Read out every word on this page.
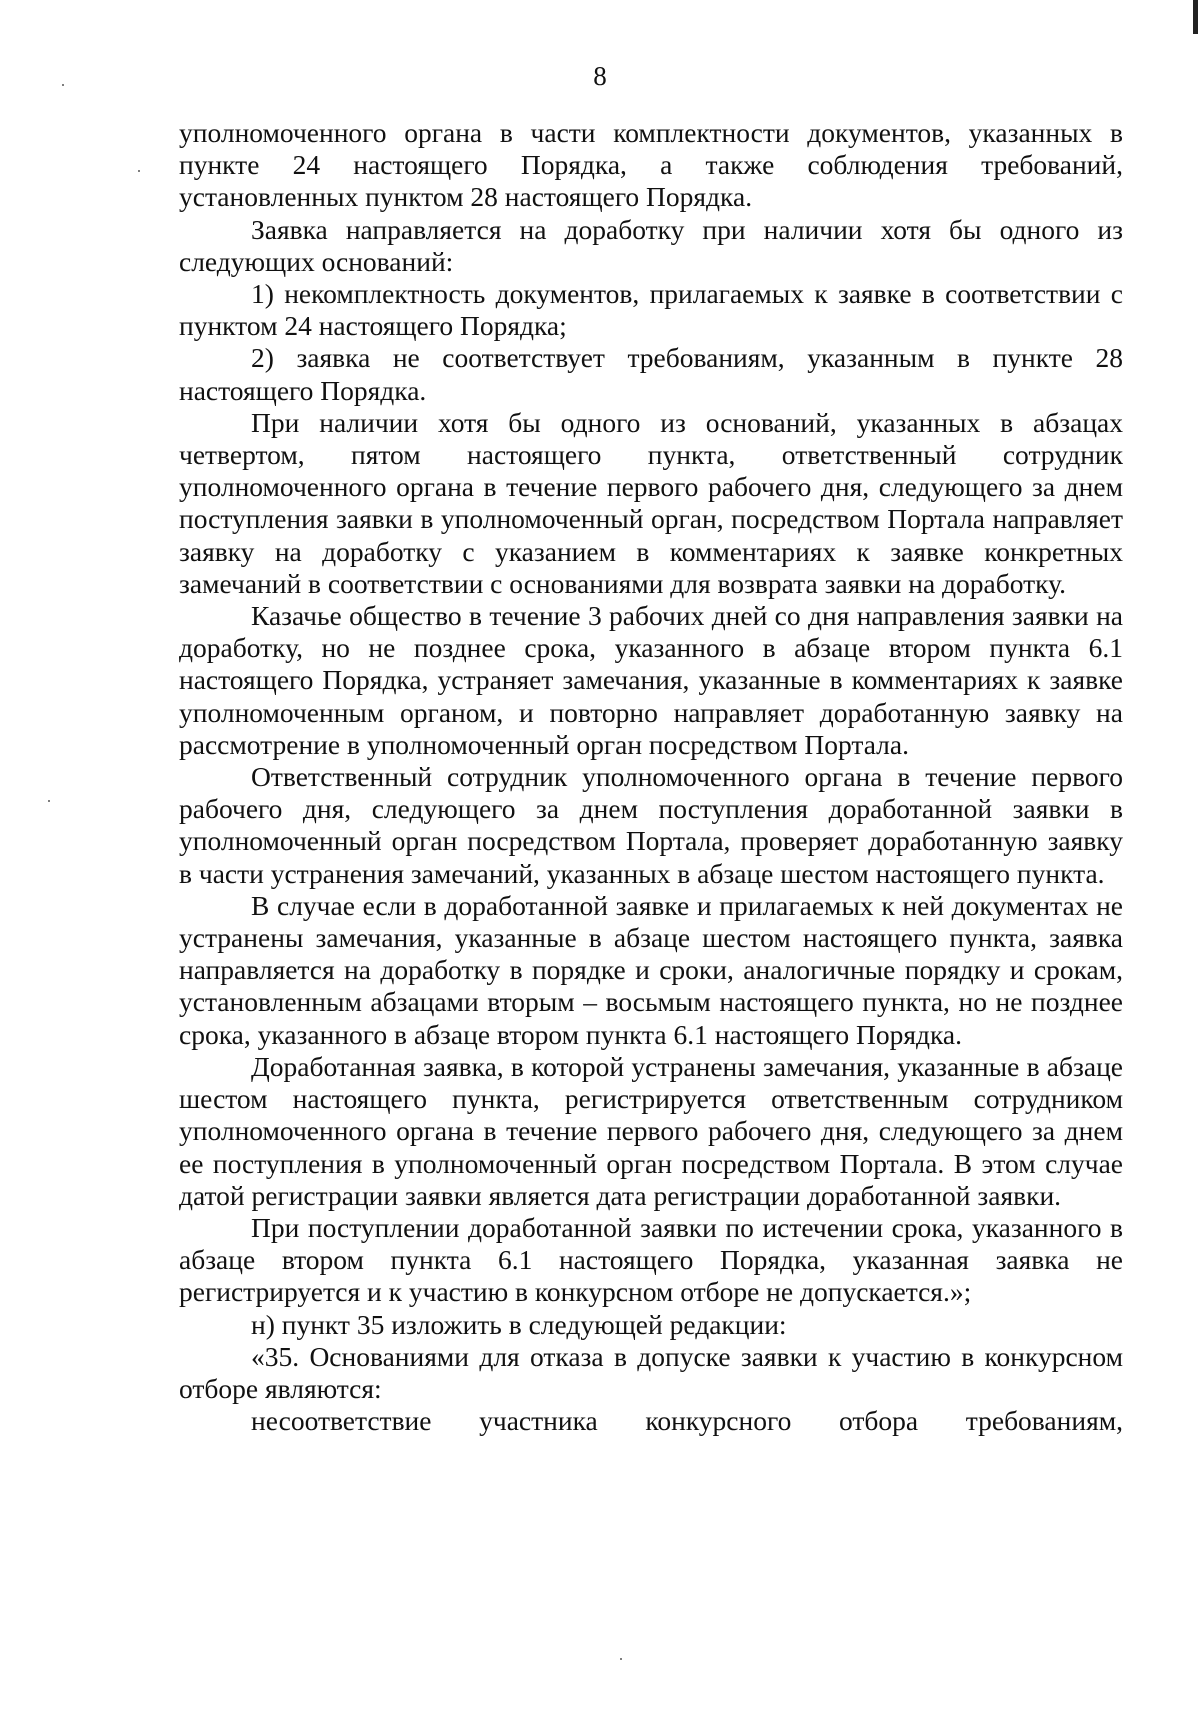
8

уполномоченного органа в части комплектности документов, указанных в пункте 24 настоящего Порядка, а также соблюдения требований, установленных пунктом 28 настоящего Порядка.

Заявка направляется на доработку при наличии хотя бы одного из следующих оснований:

1) некомплектность документов, прилагаемых к заявке в соответствии с пунктом 24 настоящего Порядка;

2) заявка не соответствует требованиям, указанным в пункте 28 настоящего Порядка.

При наличии хотя бы одного из оснований, указанных в абзацах четвертом, пятом настоящего пункта, ответственный сотрудник уполномоченного органа в течение первого рабочего дня, следующего за днем поступления заявки в уполномоченный орган, посредством Портала направляет заявку на доработку с указанием в комментариях к заявке конкретных замечаний в соответствии с основаниями для возврата заявки на доработку.

Казачье общество в течение 3 рабочих дней со дня направления заявки на доработку, но не позднее срока, указанного в абзаце втором пункта 6.1 настоящего Порядка, устраняет замечания, указанные в комментариях к заявке уполномоченным органом, и повторно направляет доработанную заявку на рассмотрение в уполномоченный орган посредством Портала.

Ответственный сотрудник уполномоченного органа в течение первого рабочего дня, следующего за днем поступления доработанной заявки в уполномоченный орган посредством Портала, проверяет доработанную заявку в части устранения замечаний, указанных в абзаце шестом настоящего пункта.

В случае если в доработанной заявке и прилагаемых к ней документах не устранены замечания, указанные в абзаце шестом настоящего пункта, заявка направляется на доработку в порядке и сроки, аналогичные порядку и срокам, установленным абзацами вторым – восьмым настоящего пункта, но не позднее срока, указанного в абзаце втором пункта 6.1 настоящего Порядка.

Доработанная заявка, в которой устранены замечания, указанные в абзаце шестом настоящего пункта, регистрируется ответственным сотрудником уполномоченного органа в течение первого рабочего дня, следующего за днем ее поступления в уполномоченный орган посредством Портала. В этом случае датой регистрации заявки является дата регистрации доработанной заявки.

При поступлении доработанной заявки по истечении срока, указанного в абзаце втором пункта 6.1 настоящего Порядка, указанная заявка не регистрируется и к участию в конкурсном отборе не допускается.»;

н) пункт 35 изложить в следующей редакции:

«35. Основаниями для отказа в допуске заявки к участию в конкурсном отборе являются:

несоответствие участника конкурсного отбора требованиям,
